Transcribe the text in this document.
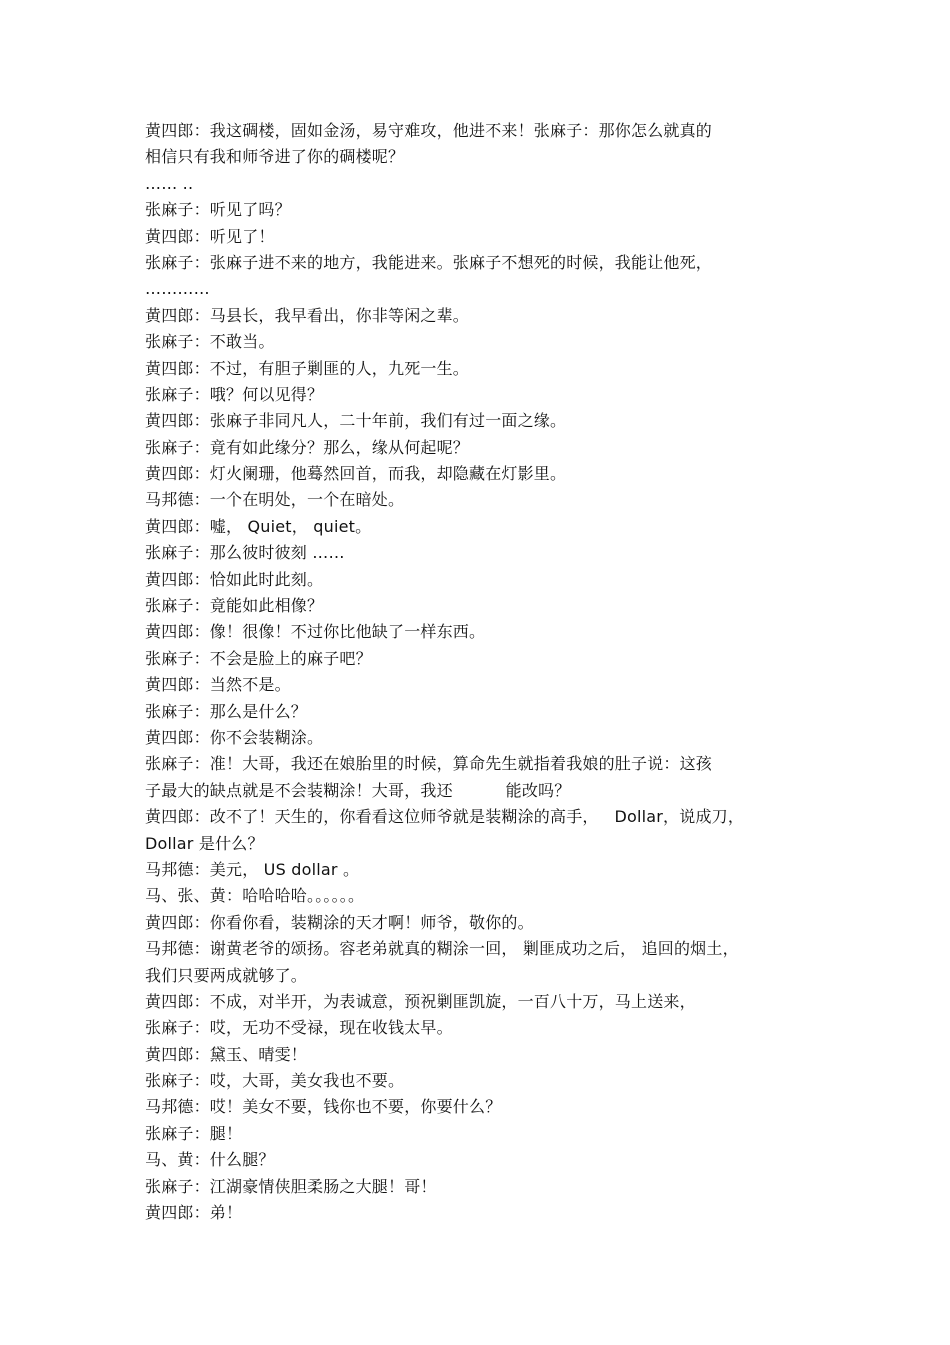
黄四郎：我这碉楼，固如金汤，易守难攻，他进不来！张麻子：那你怎么就真的
相信只有我和师爷进了你的碉楼呢？
…… ..
张麻子：听见了吗？
黄四郎：听见了！
张麻子：张麻子进不来的地方，我能进来。张麻子不想死的时候，我能让他死，
…………
黄四郎：马县长，我早看出，你非等闲之辈。
张麻子：不敢当。
黄四郎：不过，有胆子剿匪的人，九死一生。
张麻子：哦？何以见得？
黄四郎：张麻子非同凡人，二十年前，我们有过一面之缘。
张麻子：竟有如此缘分？那么，缘从何起呢？
黄四郎：灯火阑珊，他蓦然回首，而我，却隐藏在灯影里。
马邦德：一个在明处，一个在暗处。
黄四郎：嘘， Quiet， quiet。
张麻子：那么彼时彼刻 ……
黄四郎：恰如此时此刻。
张麻子：竟能如此相像？
黄四郎：像！很像！不过你比他缺了一样东西。
张麻子：不会是脸上的麻子吧？
黄四郎：当然不是。
张麻子：那么是什么？
黄四郎：你不会装糊涂。
张麻子：准！大哥，我还在娘胎里的时候，算命先生就指着我娘的肚子说：这孩
子最大的缺点就是不会装糊涂！大哥，我还          能改吗？
黄四郎：改不了！天生的，你看看这位师爷就是装糊涂的高手，   Dollar，说成刀，
Dollar 是什么？
马邦德：美元， US dollar 。
马、张、黄：哈哈哈哈。。。。。。
黄四郎：你看你看，装糊涂的天才啊！师爷，敬你的。
马邦德：谢黄老爷的颂扬。容老弟就真的糊涂一回， 剿匪成功之后， 追回的烟土，
我们只要两成就够了。
黄四郎：不成，对半开，为表诚意，预祝剿匪凯旋，一百八十万，马上送来，
张麻子：哎，无功不受禄，现在收钱太早。
黄四郎：黛玉、晴雯！
张麻子：哎，大哥，美女我也不要。
马邦德：哎！美女不要，钱你也不要，你要什么？
张麻子：腿！
马、黄：什么腿？
张麻子：江湖豪情侠胆柔肠之大腿！哥！
黄四郎：弟！
